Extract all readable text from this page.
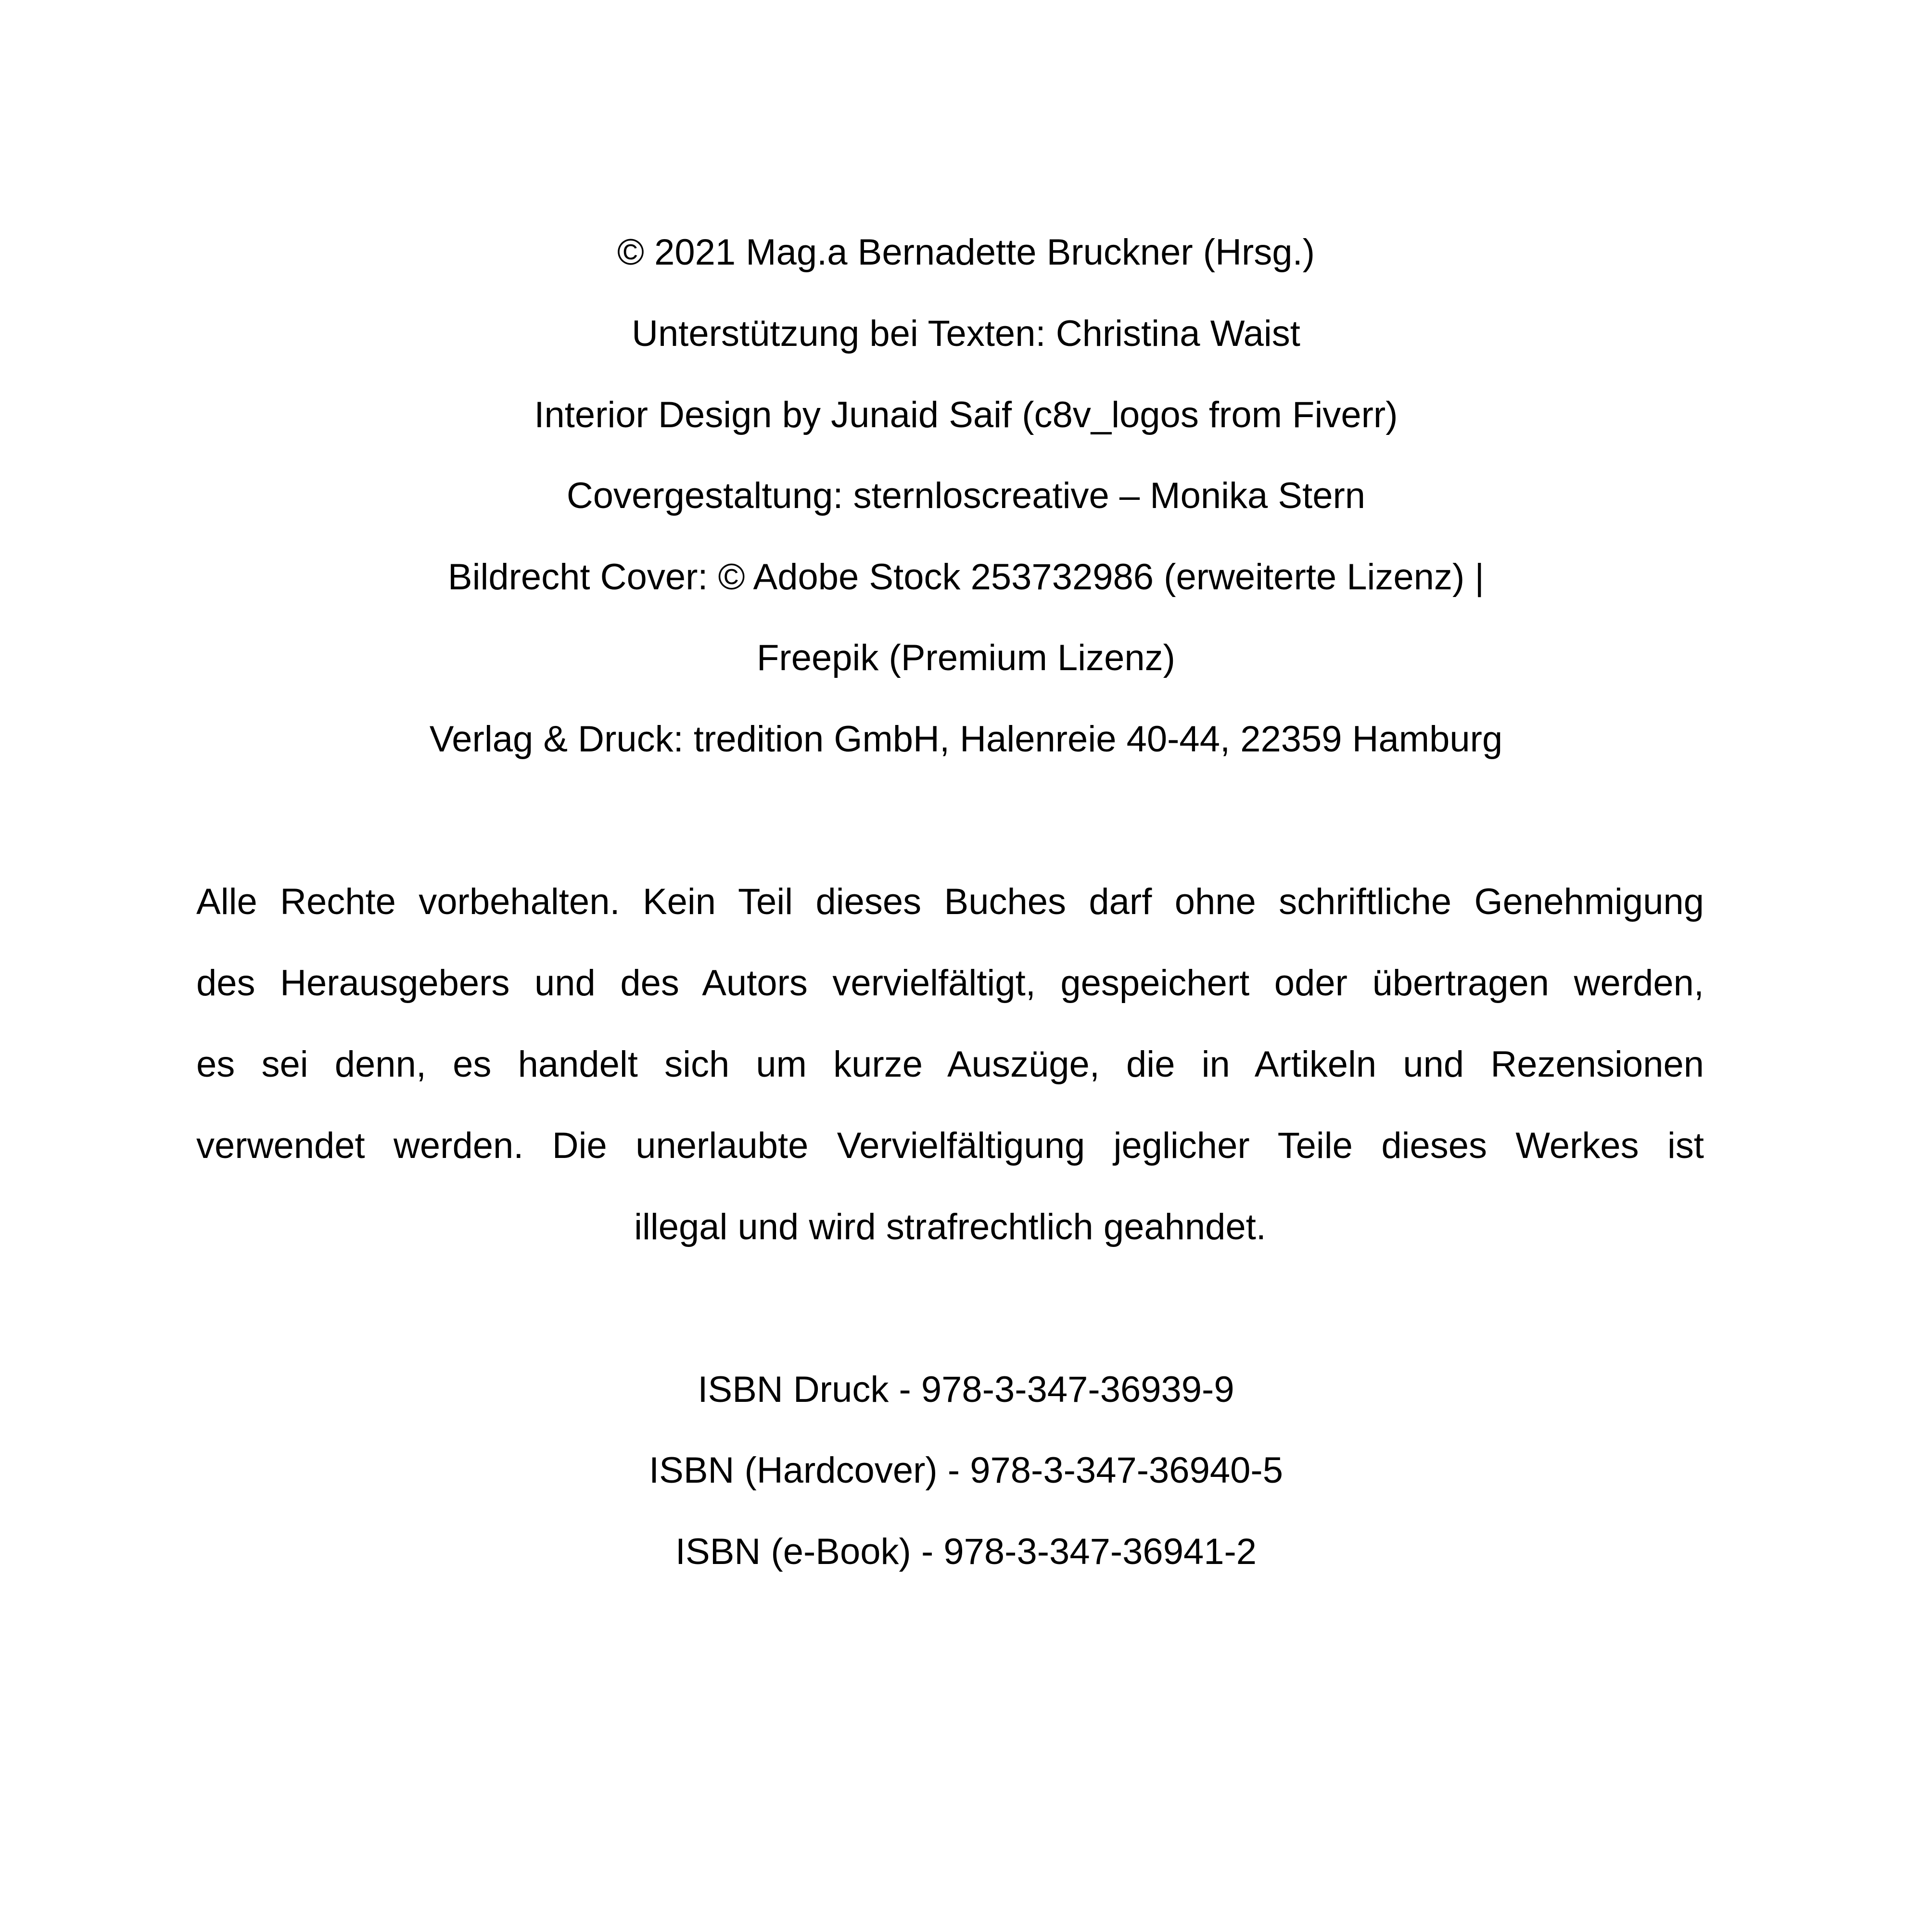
© 2021 Mag.a Bernadette Bruckner (Hrsg.)
Unterstützung bei Texten: Christina Waist
Interior Design by Junaid Saif (c8v_logos from Fiverr)
Covergestaltung: sternloscreative – Monika Stern
Bildrecht Cover: © Adobe Stock 253732986 (erweiterte Lizenz) |
Freepik (Premium Lizenz)
Verlag & Druck: tredition GmbH, Halenreie 40-44, 22359 Hamburg
Alle Rechte vorbehalten. Kein Teil dieses Buches darf ohne schriftliche Genehmigung
des Herausgebers und des Autors vervielfältigt, gespeichert oder übertragen werden,
es sei denn, es handelt sich um kurze Auszüge, die in Artikeln und Rezensionen
verwendet werden. Die unerlaubte Vervielfältigung jeglicher Teile dieses Werkes ist
illegal und wird strafrechtlich geahndet.
ISBN Druck - 978-3-347-36939-9
ISBN (Hardcover) - 978-3-347-36940-5
ISBN (e-Book) - 978-3-347-36941-2
